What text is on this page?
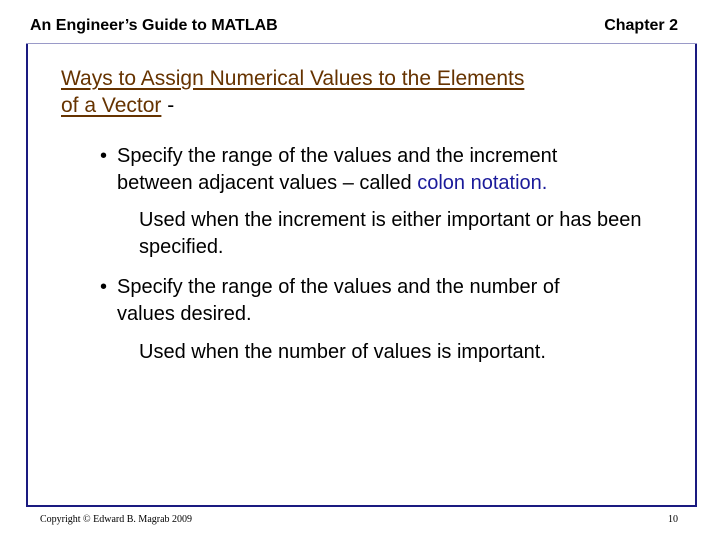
An Engineer’s Guide to MATLAB	Chapter 2
Ways to Assign Numerical Values to the Elements
of a Vector -
• Specify the range of the values and the increment
between adjacent values – called colon notation.
Used when the increment is either important or has been specified.
• Specify the range of the values and the number of
values desired.
Used when the number of values is important.
Copyright © Edward B. Magrab 2009	10
